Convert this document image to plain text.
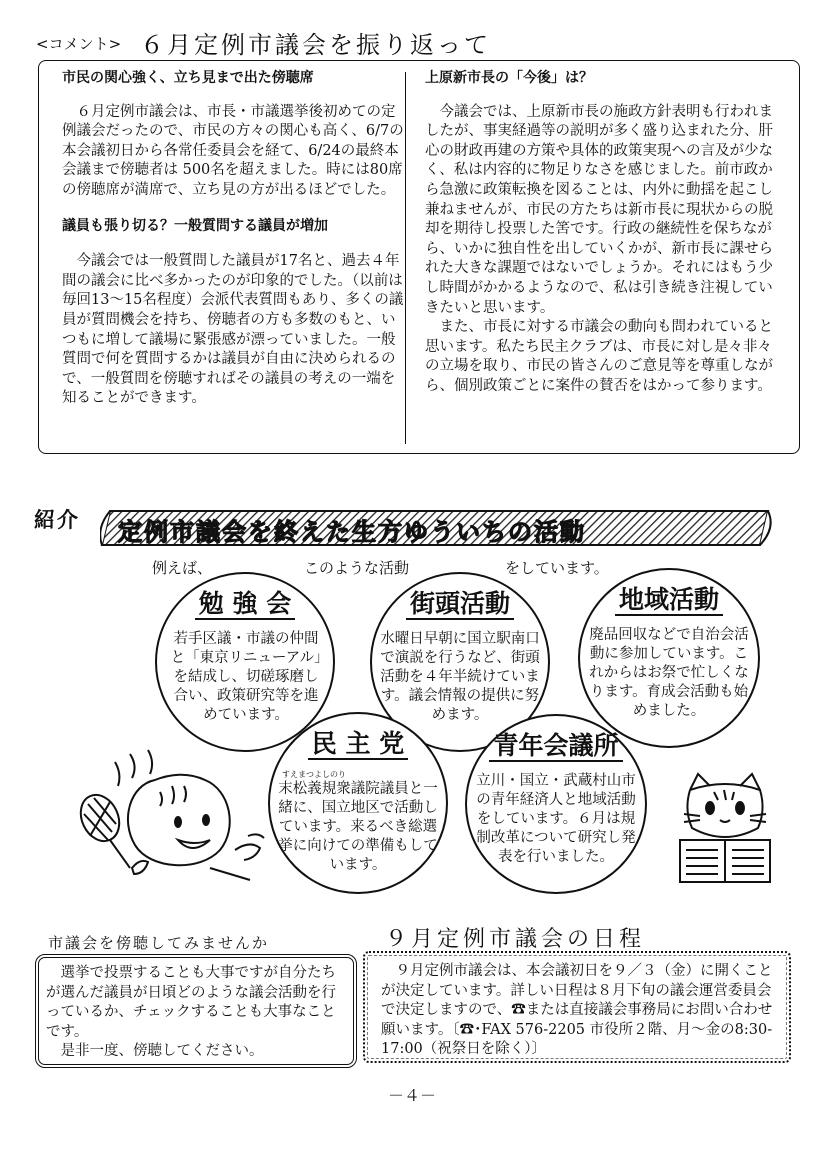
<コメント> ６月定例市議会を振り返って
市民の関心強く、立ち見まで出た傍聴席

６月定例市議会は、市長・市議選挙後初めての定例議会だったので、市民の方々の関心も高く、6/7の本会議初日から各常任委員会を経て、6/24の最終本会議まで傍聴者は 500名を超えました。時には80席の傍聴席が満席で、立ち見の方が出るほどでした。

議員も張り切る？一般質問する議員が増加

今議会では一般質問した議員が17名と、過去４年間の議会に比べ多かったのが印象的でした。（以前は毎回13～15名程度）会派代表質問もあり、多くの議員が質問機会を持ち、傍聴者の方も多数のもと、いつもに増して議場に緊張感が漂っていました。一般質問で何を質問するかは議員が自由に決められるので、一般質問を傍聴すればその議員の考えの一端を知ることができます。

上原新市長の「今後」は？

今議会では、上原新市長の施政方針表明も行われましたが、事実経過等の説明が多く盛り込まれた分、肝心の財政再建の方策や具体的政策実現への言及が少なく、私は内容的に物足りなさを感じました。前市政から急激に政策転換を図ることは、内外に動揺を起こし兼ねませんが、市民の方たちは新市長に現状からの脱却を期待し投票した筈です。行政の継続性を保ちながら、いかに独自性を出していくかが、新市長に課せられた大きな課題ではないでしょうか。それにはもう少し時間がかかるようなので、私は引き続き注視していきたいと思います。

また、市長に対する市議会の動向も問われていると思います。私たち民主クラブは、市長に対し是々非々の立場を取り、市民の皆さんのご意見等を尊重しながら、個別政策ごとに案件の賛否をはかって参ります。

紹介 定例市議会を終えた生方ゆういちの活動
例えば、	このような活動	をしています。
勉 強 会
若手区議・市議の仲間と「東京リニューアル」を結成し、切磋琢磨し合い、政策研究等を進めています。
街頭活動
水曜日早朝に国立駅南口で演説を行うなど、街頭活動を４年半続けています。議会情報の提供に努めます。
地域活動
廃品回収などで自治会活動に参加しています。これからはお祭で忙しくなります。育成会活動も始めました。
民 主 党
すえまつよしのり
末松義規衆議院議員と一緒に、国立地区で活動しています。来るべき総選挙に向けての準備もしています。
青年会議所
立川・国立・武蔵村山市の青年経済人と地域活動をしています。６月は規制改革について研究し発表を行いました。
市議会を傍聴してみませんか

選挙で投票することも大事ですが自分たちが選んだ議員が日頃どのような議会活動を行っているか、チェックすることも大事なことです。

是非一度、傍聴してください。

９月定例市議会の日程

９月定例市議会は、本会議初日を９／３（金）に開くことが決定しています。詳しい日程は８月下旬の議会運営委員会で決定しますので、☎または直接議会事務局にお問い合わせ願います。〔☎･FAX 576-2205 市役所２階、月～金の8:30-17:00（祝祭日を除く）〕

－４－
